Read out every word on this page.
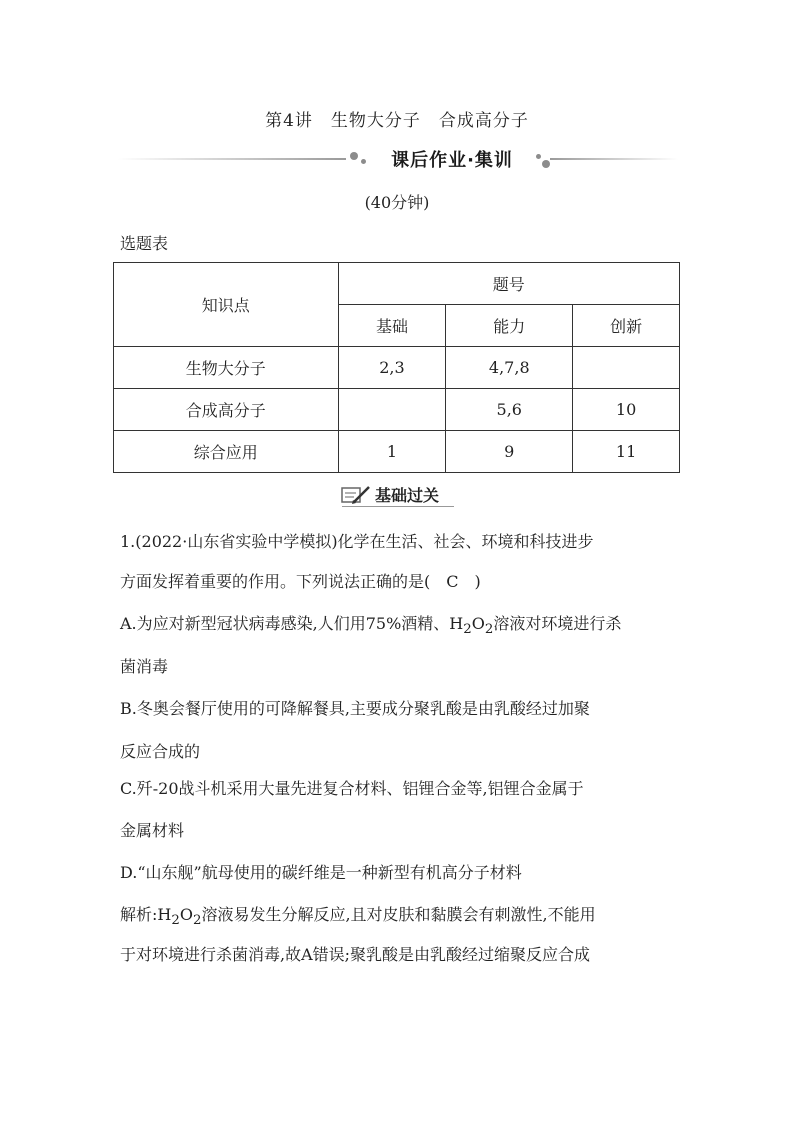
第4讲　生物大分子　合成高分子
课后作业·集训
(40分钟)
选题表
知识点	题号		
	基础	能力	创新
生物大分子	2,3	4,7,8	
合成高分子		5,6	10
综合应用	1	9	11
基础过关
1.(2022·山东省实验中学模拟)化学在生活、社会、环境和科技进步
方面发挥着重要的作用。下列说法正确的是(　C　)
A.为应对新型冠状病毒感染,人们用75%酒精、$H_2O_2$溶液对环境进行杀
菌消毒
B.冬奥会餐厅使用的可降解餐具,主要成分聚乳酸是由乳酸经过加聚
反应合成的
C.歼-20战斗机采用大量先进复合材料、铝锂合金等,铝锂合金属于
金属材料
D.“山东舰”航母使用的碳纤维是一种新型有机高分子材料
解析$:H_2O_2$溶液易发生分解反应,且对皮肤和黏膜会有刺激性,不能用
于对环境进行杀菌消毒,故A错误;聚乳酸是由乳酸经过缩聚反应合成
